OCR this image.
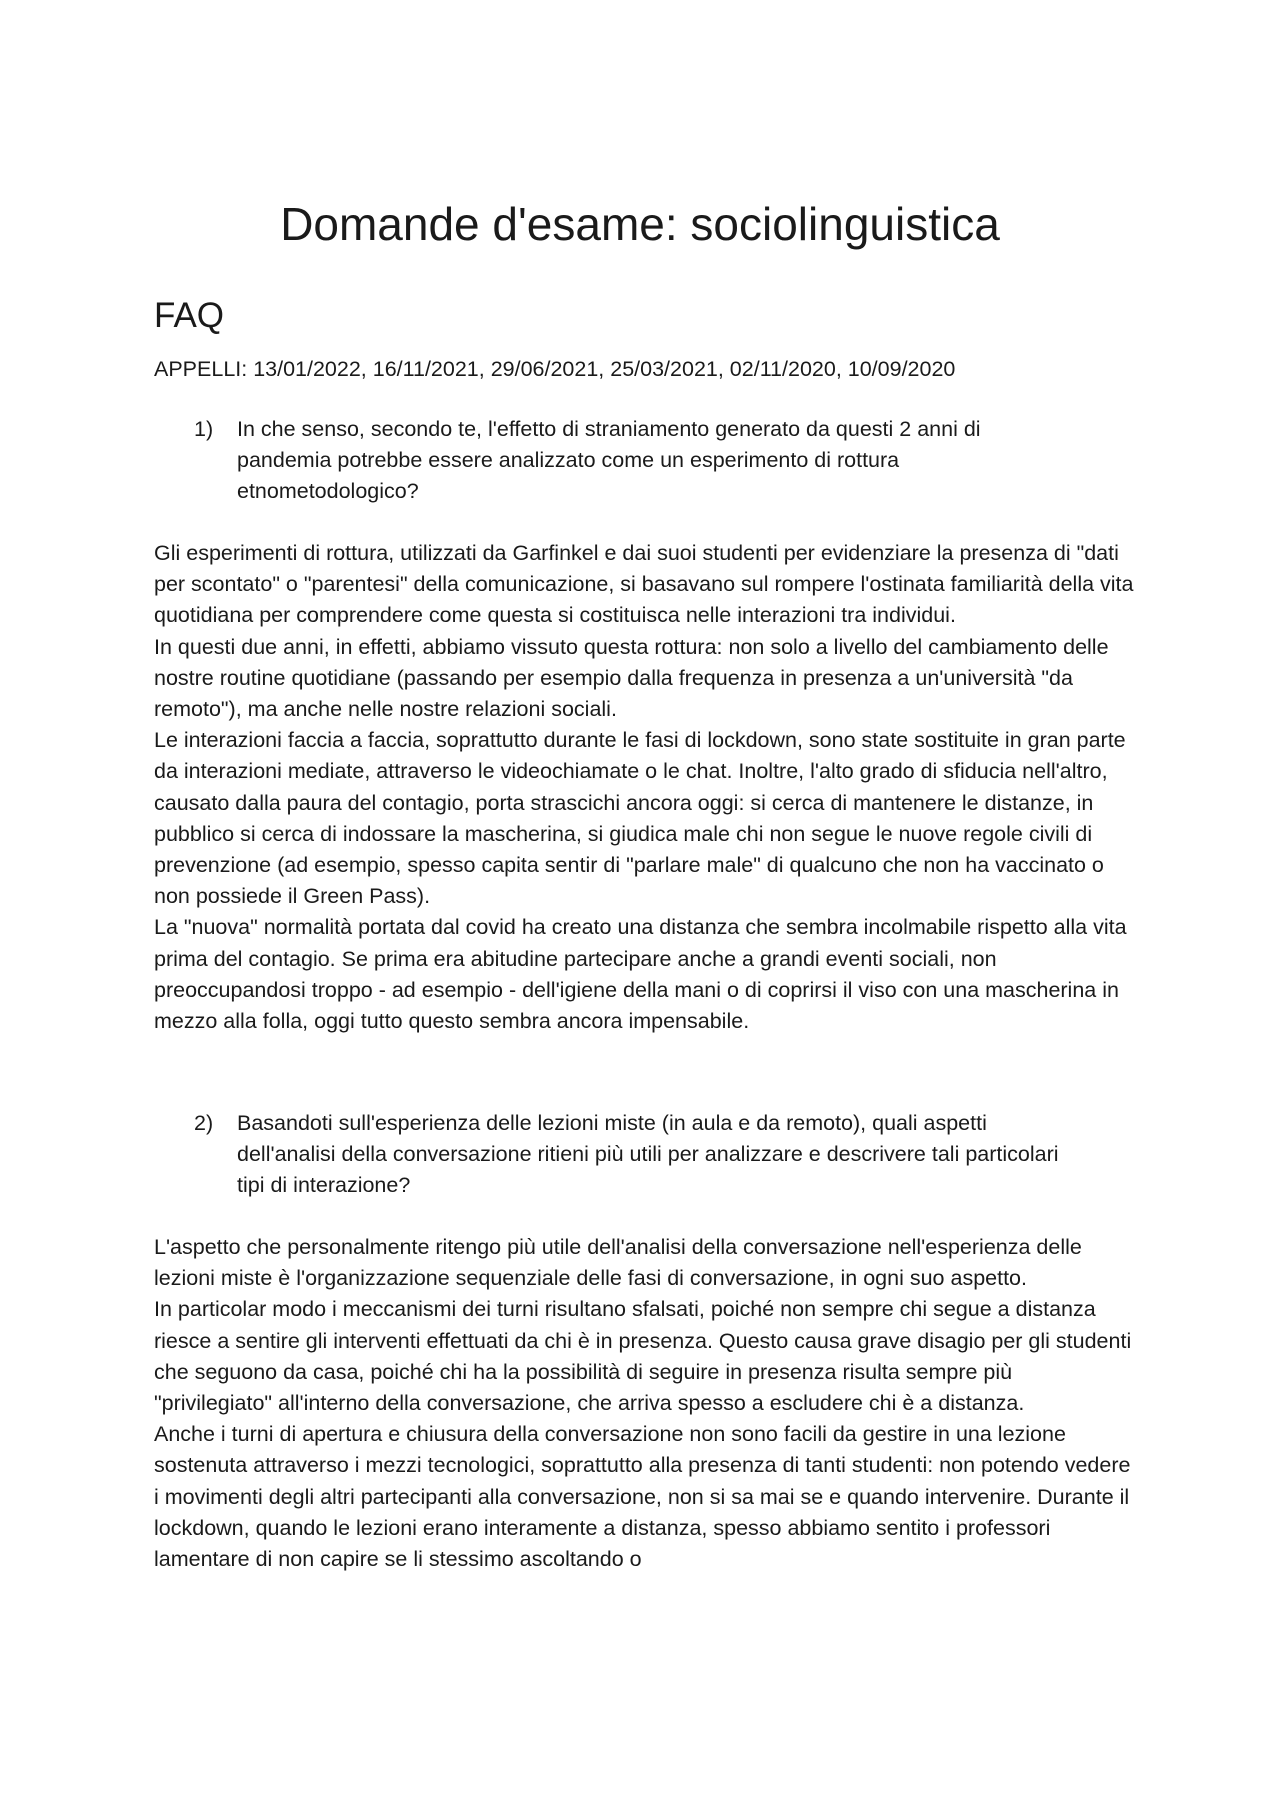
Domande d'esame: sociolinguistica
FAQ

APPELLI: 13/01/2022, 16/11/2021, 29/06/2021, 25/03/2021, 02/11/2020, 10/09/2020

1)	In che senso, secondo te, l'effetto di straniamento generato da questi 2 anni di pandemia potrebbe essere analizzato come un esperimento di rottura etnometodologico?

Gli esperimenti di rottura, utilizzati da Garfinkel e dai suoi studenti per evidenziare la presenza di "dati per scontato" o "parentesi" della comunicazione, si basavano sul rompere l'ostinata familiarità della vita quotidiana per comprendere come questa si costituisca nelle interazioni tra individui.

In questi due anni, in effetti, abbiamo vissuto questa rottura: non solo a livello del cambiamento delle nostre routine quotidiane (passando per esempio dalla frequenza in presenza a un'università "da remoto"), ma anche nelle nostre relazioni sociali.

Le interazioni faccia a faccia, soprattutto durante le fasi di lockdown, sono state sostituite in gran parte da interazioni mediate, attraverso le videochiamate o le chat. Inoltre, l'alto grado di sfiducia nell'altro, causato dalla paura del contagio, porta strascichi ancora oggi: si cerca di mantenere le distanze, in pubblico si cerca di indossare la mascherina, si giudica male chi non segue le nuove regole civili di prevenzione (ad esempio, spesso capita sentir di "parlare male" di qualcuno che non ha vaccinato o non possiede il Green Pass).

La "nuova" normalità portata dal covid ha creato una distanza che sembra incolmabile rispetto alla vita prima del contagio. Se prima era abitudine partecipare anche a grandi eventi sociali, non preoccupandosi troppo - ad esempio - dell'igiene della mani o di coprirsi il viso con una mascherina in mezzo alla folla, oggi tutto questo sembra ancora impensabile.

2)	Basandoti sull'esperienza delle lezioni miste (in aula e da remoto), quali aspetti dell'analisi della conversazione ritieni più utili per analizzare e descrivere tali particolari tipi di interazione?

L'aspetto che personalmente ritengo più utile dell'analisi della conversazione nell'esperienza delle lezioni miste è l'organizzazione sequenziale delle fasi di conversazione, in ogni suo aspetto.

In particolar modo i meccanismi dei turni risultano sfalsati, poiché non sempre chi segue a distanza riesce a sentire gli interventi effettuati da chi è in presenza. Questo causa grave disagio per gli studenti che seguono da casa, poiché chi ha la possibilità di seguire in presenza risulta sempre più "privilegiato" all'interno della conversazione, che arriva spesso a escludere chi è a distanza.

Anche i turni di apertura e chiusura della conversazione non sono facili da gestire in una lezione sostenuta attraverso i mezzi tecnologici, soprattutto alla presenza di tanti studenti: non potendo vedere i movimenti degli altri partecipanti alla conversazione, non si sa mai se e quando intervenire. Durante il lockdown, quando le lezioni erano interamente a distanza, spesso abbiamo sentito i professori lamentare di non capire se li stessimo ascoltando o
